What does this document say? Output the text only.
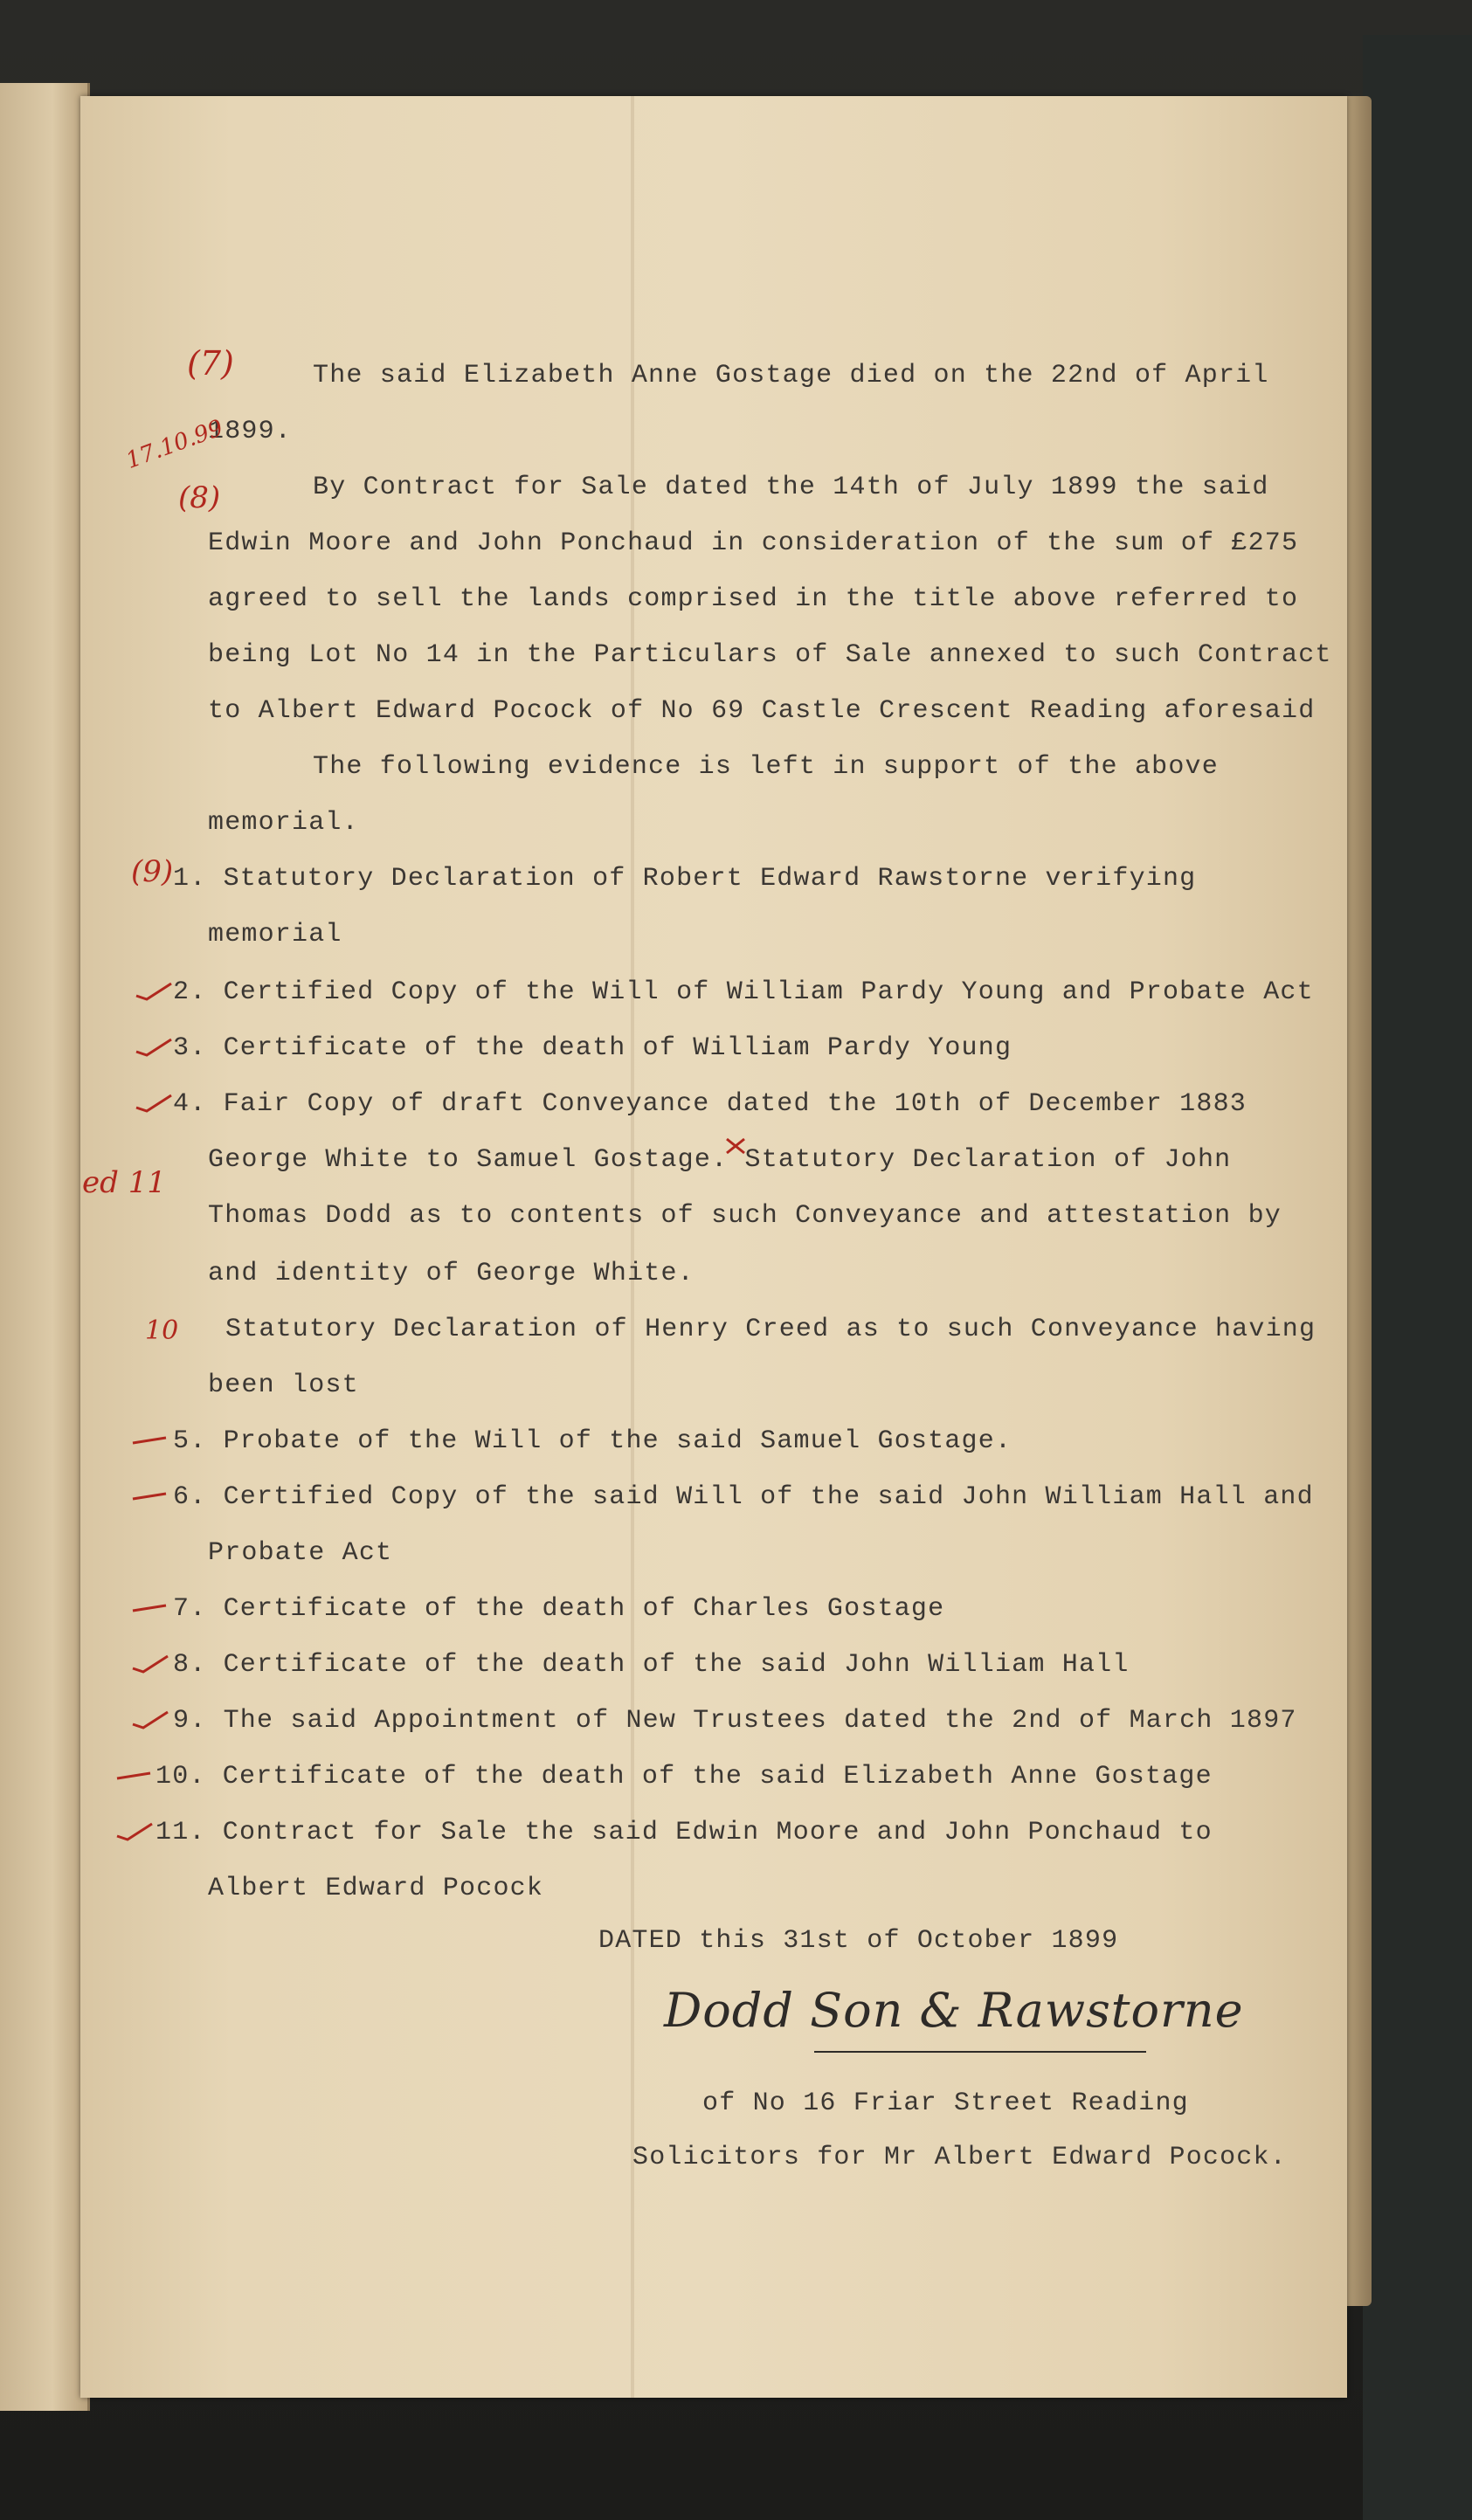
The said Elizabeth Anne Gostage died on the 22nd of April

1899.

By Contract for Sale dated the 14th of July 1899 the said

Edwin Moore and John Ponchaud in consideration of the sum of £275

agreed to sell the lands comprised in the title above referred to

being Lot No 14 in the Particulars of Sale annexed to such Contract

to Albert Edward Pocock of No 69 Castle Crescent Reading aforesaid

The following evidence is left in support of the above

memorial.

1. Statutory Declaration of Robert Edward Rawstorne verifying

memorial

2. Certified Copy of the Will of William Pardy Young and Probate Act

3. Certificate of the death of William Pardy Young

4. Fair Copy of draft Conveyance dated the 10th of December 1883

George White to Samuel Gostage. Statutory Declaration of John

Thomas Dodd as to contents of such Conveyance and attestation by

and identity of George White.

Statutory Declaration of Henry Creed as to such Conveyance having

been lost

5. Probate of the Will of the said Samuel Gostage.

6. Certified Copy of the said Will of the said John William Hall and

Probate Act

7. Certificate of the death of Charles Gostage

8. Certificate of the death of the said John William Hall

9. The said Appointment of New Trustees dated the 2nd of March 1897

10. Certificate of the death of the said Elizabeth Anne Gostage

11. Contract for Sale the said Edwin Moore and John Ponchaud to

Albert Edward Pocock

DATED this 31st of October 1899

Dodd Son & Rawstorne

of No 16 Friar Street Reading

Solicitors for Mr Albert Edward Pocock.

(7)

(8)

17.10.99

(9)

ed 11

10
